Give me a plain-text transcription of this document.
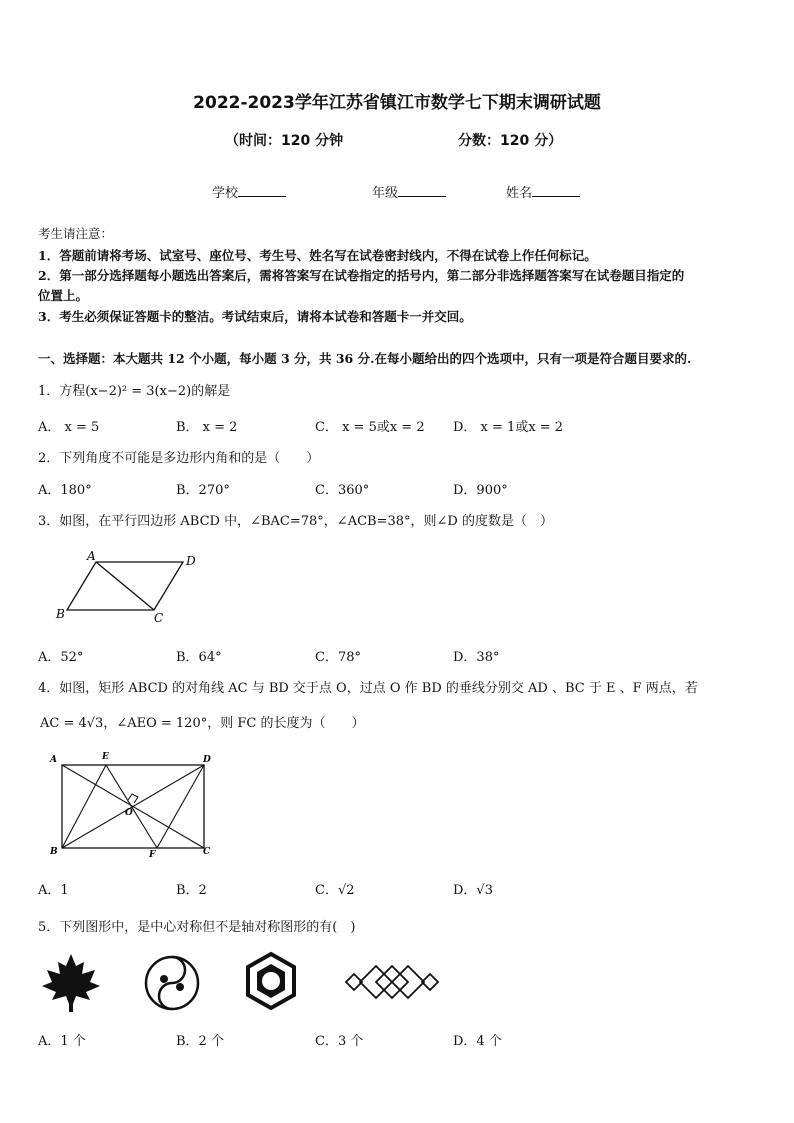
2022-2023学年江苏省镇江市数学七下期末调研试题
（时间：120 分钟	分数：120 分）
学校	年级	姓名
考生请注意：
1．答题前请将考场、试室号、座位号、考生号、姓名写在试卷密封线内，不得在试卷上作任何标记。
2．第一部分选择题每小题选出答案后，需将答案写在试卷指定的括号内，第二部分非选择题答案写在试卷题目指定的
位置上。
3．考生必须保证答题卡的整洁。考试结束后，请将本试卷和答题卡一并交回。
一、选择题：本大题共 12 个小题，每小题 3 分，共 36 分.在每小题给出的四个选项中，只有一项是符合题目要求的.
1．方程(x−2)² = 3(x−2)的解是
A． x = 5	B． x = 2	C． x = 5或x = 2 D． x = 1或x = 2
2．下列角度不可能是多边形内角和的是（　　）
A．180°	B．270°	C．360°	D．900°
3．如图，在平行四边形 ABCD 中，∠BAC=78°，∠ACB=38°，则∠D 的度数是（　）
A	D
B	C
A．52°	B．64°	C．78°	D．38°
4．如图，矩形 ABCD 的对角线 AC 与 BD 交于点 O，过点 O 作 BD 的垂线分别交 AD 、BC 于 E 、F 两点，若
AC = 4√3，∠AEO = 120°，则 FC 的长度为（　　）
A	E	D
O
B	F	C
A．1	B．2	C．√2	D．√3
5．下列图形中，是中心对称但不是轴对称图形的有(　)
A．1 个	B．2 个	C．3 个	D．4 个
